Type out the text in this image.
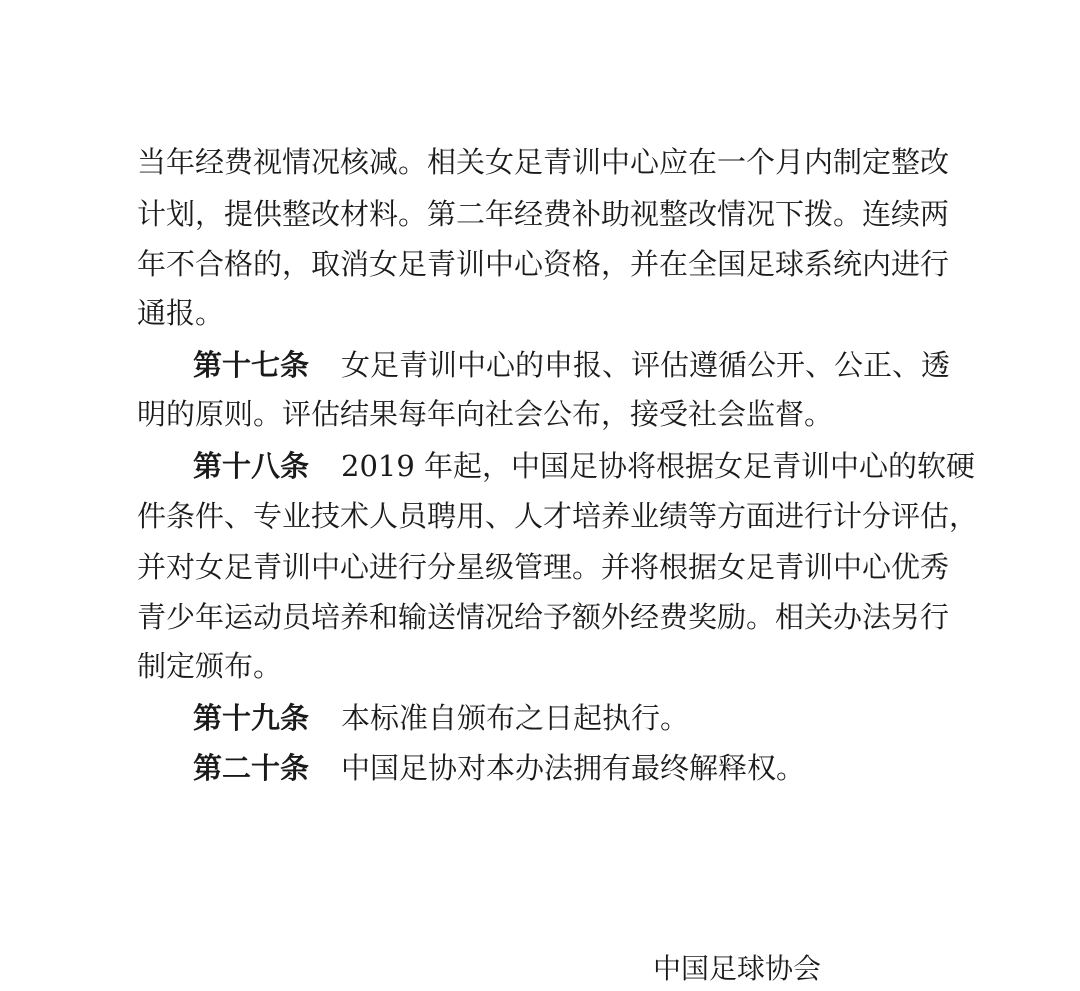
当年经费视情况核减。相关女足青训中心应在一个月内制定整改
计划，提供整改材料。第二年经费补助视整改情况下拨。连续两
年不合格的，取消女足青训中心资格，并在全国足球系统内进行
通报。
第十七条 女足青训中心的申报、评估遵循公开、公正、透
明的原则。评估结果每年向社会公布，接受社会监督。
第十八条 2019 年起，中国足协将根据女足青训中心的软硬
件条件、专业技术人员聘用、人才培养业绩等方面进行计分评估，
并对女足青训中心进行分星级管理。并将根据女足青训中心优秀
青少年运动员培养和输送情况给予额外经费奖励。相关办法另行
制定颁布。
第十九条 本标准自颁布之日起执行。
第二十条 中国足协对本办法拥有最终解释权。
中国足球协会
